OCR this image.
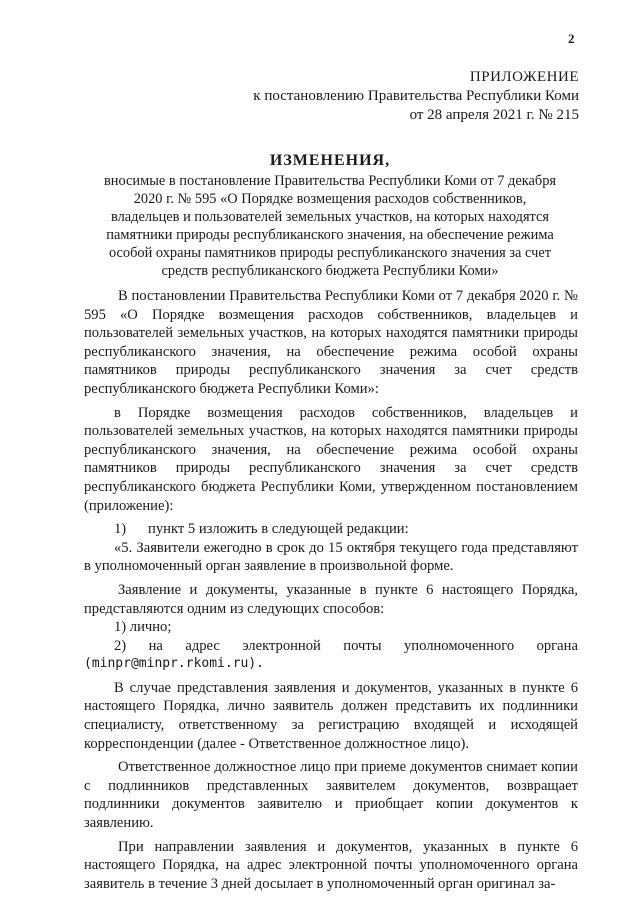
2
ПРИЛОЖЕНИЕ
к постановлению Правительства Республики Коми
от 28 апреля 2021 г. № 215
ИЗМЕНЕНИЯ,
вносимые в постановление Правительства Республики Коми от 7 декабря
2020 г. № 595 «О Порядке возмещения расходов собственников,
владельцев и пользователей земельных участков, на которых находятся
памятники природы республиканского значения, на обеспечение режима
особой охраны памятников природы республиканского значения за счет
средств республиканского бюджета Республики Коми»

В постановлении Правительства Республики Коми от 7 декабря 2020 г. № 595 «О Порядке возмещения расходов собственников, владельцев и пользователей земельных участков, на которых находятся памятники природы республиканского значения, на обеспечение режима особой охраны памятников природы республиканского значения за счет средств республиканского бюджета Республики Коми»:

в Порядке возмещения расходов собственников, владельцев и пользователей земельных участков, на которых находятся памятники природы республиканского значения, на обеспечение режима особой охраны памятников природы республиканского значения за счет средств республиканского бюджета Республики Коми, утвержденном постановлением (приложение):

1)      пункт 5 изложить в следующей редакции:

«5. Заявители ежегодно в срок до 15 октября текущего года представляют в уполномоченный орган заявление в произвольной форме.

Заявление и документы, указанные в пункте 6 настоящего Порядка, представляются одним из следующих способов:

1) лично;

2) на адрес электронной почты уполномоченного органа
(minpr@minpr.rkomi.ru).

В случае представления заявления и документов, указанных в пункте 6 настоящего Порядка, лично заявитель должен представить их подлинники специалисту, ответственному за регистрацию входящей и исходящей корреспонденции (далее - Ответственное должностное лицо).

Ответственное должностное лицо при приеме документов снимает копии с подлинников представленных заявителем документов, возвращает подлинники документов заявителю и приобщает копии документов к заявлению.

При направлении заявления и документов, указанных в пункте 6 настоящего Порядка, на адрес электронной почты уполномоченного органа заявитель в течение 3 дней досылает в уполномоченный орган оригинал за-
